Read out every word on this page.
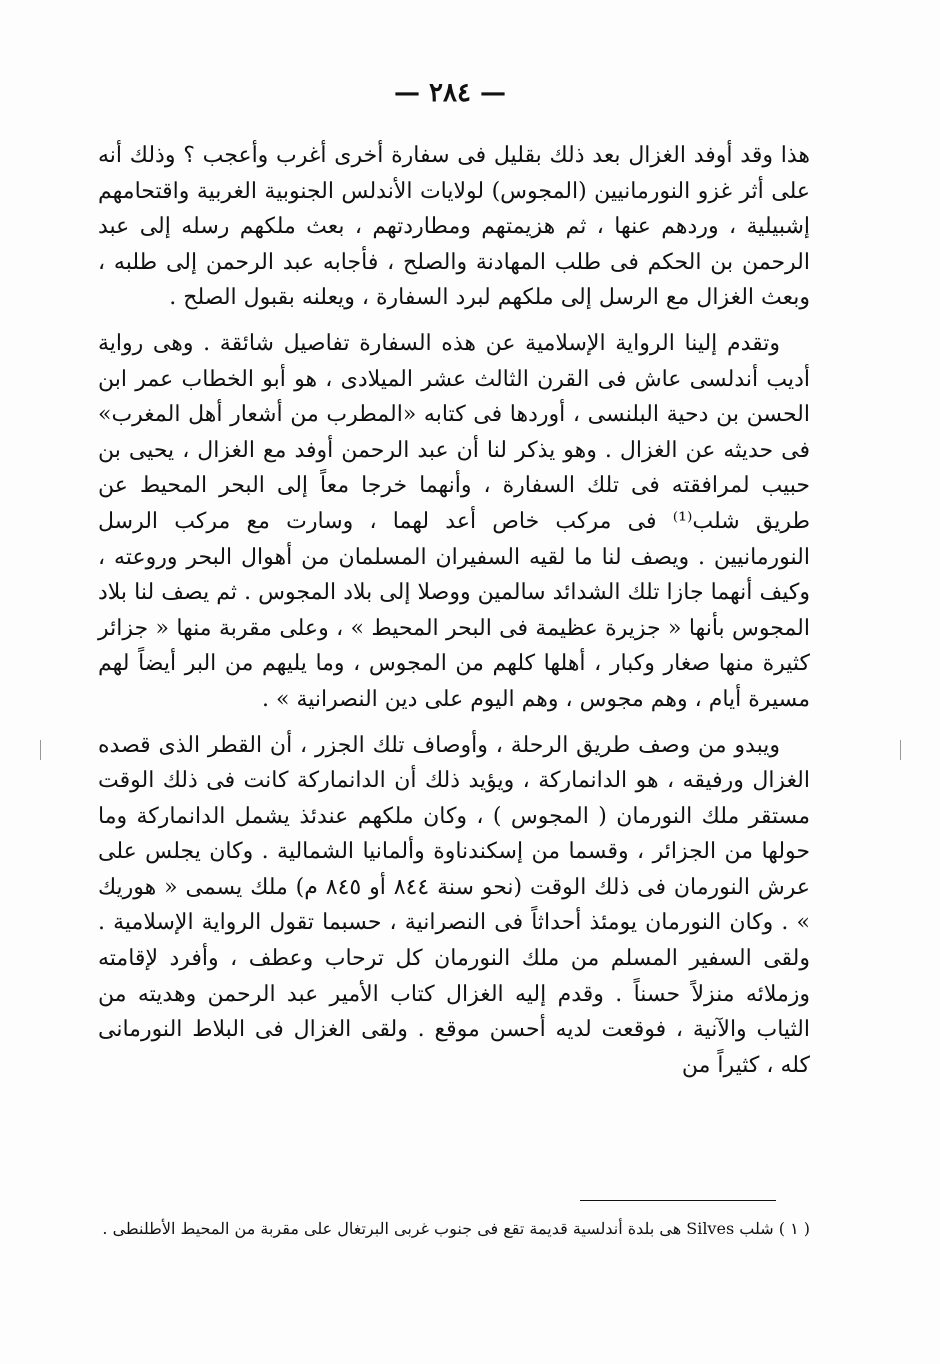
— ٢٨٤ —

هذا وقد أوفد الغزال بعد ذلك بقليل فى سفارة أخرى أغرب وأعجب ؟ وذلك أنه على أثر غزو النورمانيين (المجوس) لولايات الأندلس الجنوبية الغربية واقتحامهم إشبيلية ، وردهم عنها ، ثم هزيمتهم ومطاردتهم ، بعث ملكهم رسله إلى عبد الرحمن بن الحكم فى طلب المهادنة والصلح ، فأجابه عبد الرحمن إلى طلبه ، وبعث الغزال مع الرسل إلى ملكهم لبرد السفارة ، ويعلنه بقبول الصلح .

وتقدم إلينا الرواية الإسلامية عن هذه السفارة تفاصيل شائقة . وهى رواية أديب أندلسى عاش فى القرن الثالث عشر الميلادى ، هو أبو الخطاب عمر ابن الحسن بن دحية البلنسى ، أوردها فى كتابه «المطرب من أشعار أهل المغرب» فى حديثه عن الغزال . وهو يذكر لنا أن عبد الرحمن أوفد مع الغزال ، يحيى بن حبيب لمرافقته فى تلك السفارة ، وأنهما خرجا معاً إلى البحر المحيط عن طريق شلب⁽¹⁾ فى مركب خاص أعد لهما ، وسارت مع مركب الرسل النورمانيين . ويصف لنا ما لقيه السفيران المسلمان من أهوال البحر وروعته ، وكيف أنهما جازا تلك الشدائد سالمين ووصلا إلى بلاد المجوس . ثم يصف لنا بلاد المجوس بأنها « جزيرة عظيمة فى البحر المحيط » ، وعلى مقربة منها « جزائر كثيرة منها صغار وكبار ، أهلها كلهم من المجوس ، وما يليهم من البر أيضاً لهم مسيرة أيام ، وهم مجوس ، وهم اليوم على دين النصرانية » .

ويبدو من وصف طريق الرحلة ، وأوصاف تلك الجزر ، أن القطر الذى قصده الغزال ورفيقه ، هو الدانماركة ، ويؤيد ذلك أن الدانماركة كانت فى ذلك الوقت مستقر ملك النورمان ( المجوس ) ، وكان ملكهم عندئذ يشمل الدانماركة وما حولها من الجزائر ، وقسما من إسكندناوة وألمانيا الشمالية . وكان يجلس على عرش النورمان فى ذلك الوقت (نحو سنة ٨٤٤ أو ٨٤٥ م) ملك يسمى « هوريك » . وكان النورمان يومئذ أحداثاً فى النصرانية ، حسبما تقول الرواية الإسلامية . ولقى السفير المسلم من ملك النورمان كل ترحاب وعطف ، وأفرد لإقامته وزملائه منزلاً حسناً . وقدم إليه الغزال كتاب الأمير عبد الرحمن وهديته من الثياب والآنية ، فوقعت لديه أحسن موقع . ولقى الغزال فى البلاط النورمانى كله ، كثيراً من

( ١ ) شلب Silves هى بلدة أندلسية قديمة تقع فى جنوب غربى البرتغال على مقربة من المحيط الأطلنطى .
